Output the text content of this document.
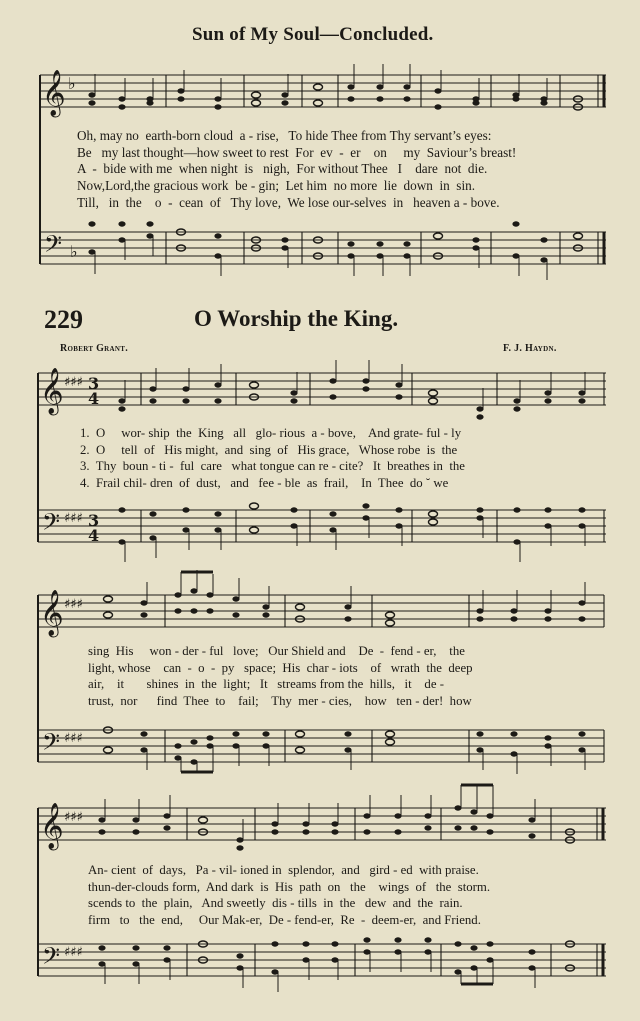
Sun of My Soul—Concluded.
𝄞 ♭
Oh, may no  earth-born cloud  a - rise,   To hide Thee from Thy servant’s eyes:
Be   my last thought—how sweet to rest  For  ev  -  er    on     my  Saviour’s breast!
A  -  bide with me  when night  is   nigh,  For without Thee   I    dare  not  die.
Now,Lord,the gracious work  be - gin;  Let him  no more  lie  down  in  sin.
Till,   in  the    o  -  cean  of   Thy love,  We lose our-selves  in   heaven a - bove.
𝄢 ♭
229	O Worship the King.
Robert Grant.	F. J. Haydn.
𝄞 ♯♯♯ 3
4
𝄢 ♯♯♯ 3
4
1.  O     wor- ship  the  King   all   glo- rious  a - bove,    And grate- ful - ly
2.  O     tell  of   His might,  and  sing  of   His grace,   Whose robe  is  the
3.  Thy  boun - ti -  ful  care   what tongue can re - cite?   It  breathes in  the
4.  Frail chil- dren  of  dust,   and   fee - ble  as  frail,    In  Thee  do ˘ we
𝄞 ♯♯♯
𝄢 ♯♯♯
sing  His     won - der - ful   love;   Our Shield and    De  -  fend - er,    the
light, whose    can  -  o  -  py   space;  His  char - iots    of   wrath  the  deep
air,    it       shines  in  the  light;   It   streams from the  hills,   it    de -
trust,  nor      find  Thee  to    fail;    Thy  mer - cies,    how   ten - der!  how
𝄞 ♯♯♯
𝄢 ♯♯♯
An- cient  of  days,   Pa - vil- ioned in  splendor,  and   gird - ed  with praise.
thun-der-clouds form,  And dark  is  His  path  on   the    wings  of   the  storm.
scends to  the  plain,   And sweetly  dis - tills  in  the   dew  and  the  rain.
firm   to   the  end,     Our Mak-er,  De - fend-er,  Re  -  deem-er,  and Friend.
